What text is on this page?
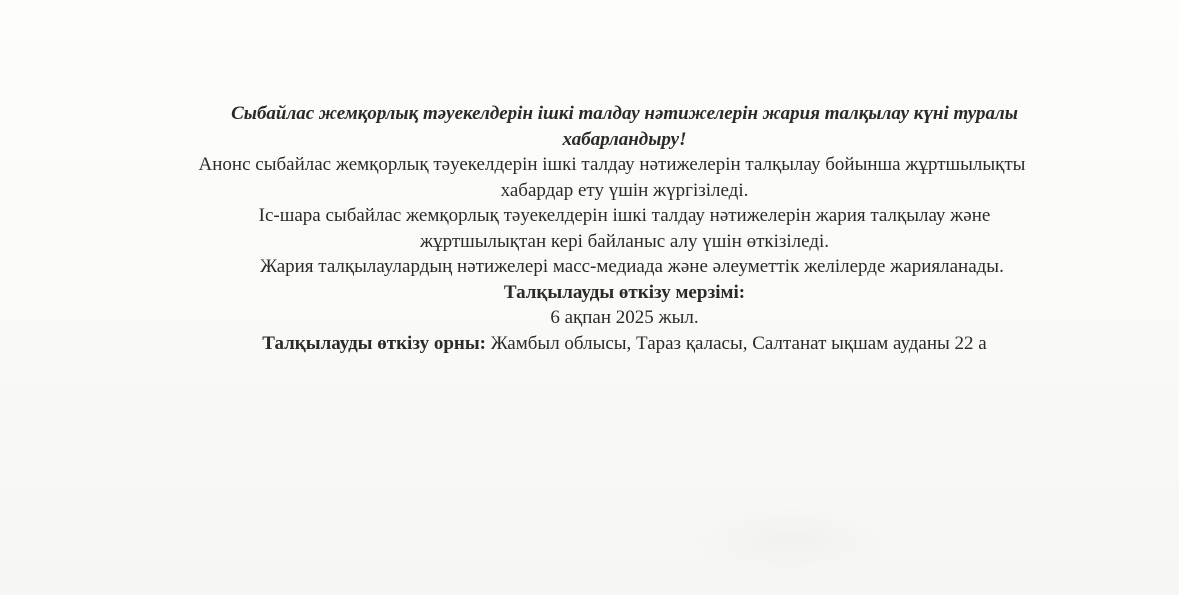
Сыбайлас жемқорлық тәуекелдерін ішкі талдау нәтижелерін жария талқылау күні туралы
хабарландыру!
Анонс сыбайлас жемқорлық тәуекелдерін ішкі талдау нәтижелерін талқылау бойынша жұртшылықты
хабардар ету үшін жүргізіледі.
Іс-шара сыбайлас жемқорлық тәуекелдерін ішкі талдау нәтижелерін жария талқылау және
жұртшылықтан кері байланыс алу үшін өткізіледі.
Жария талқылаулардың нәтижелері масс-медиада және әлеуметтік желілерде жарияланады.
Талқылауды өткізу мерзімі:
6 ақпан 2025 жыл.
Талқылауды өткізу орны: Жамбыл облысы, Тараз қаласы, Салтанат ықшам ауданы 22 а
